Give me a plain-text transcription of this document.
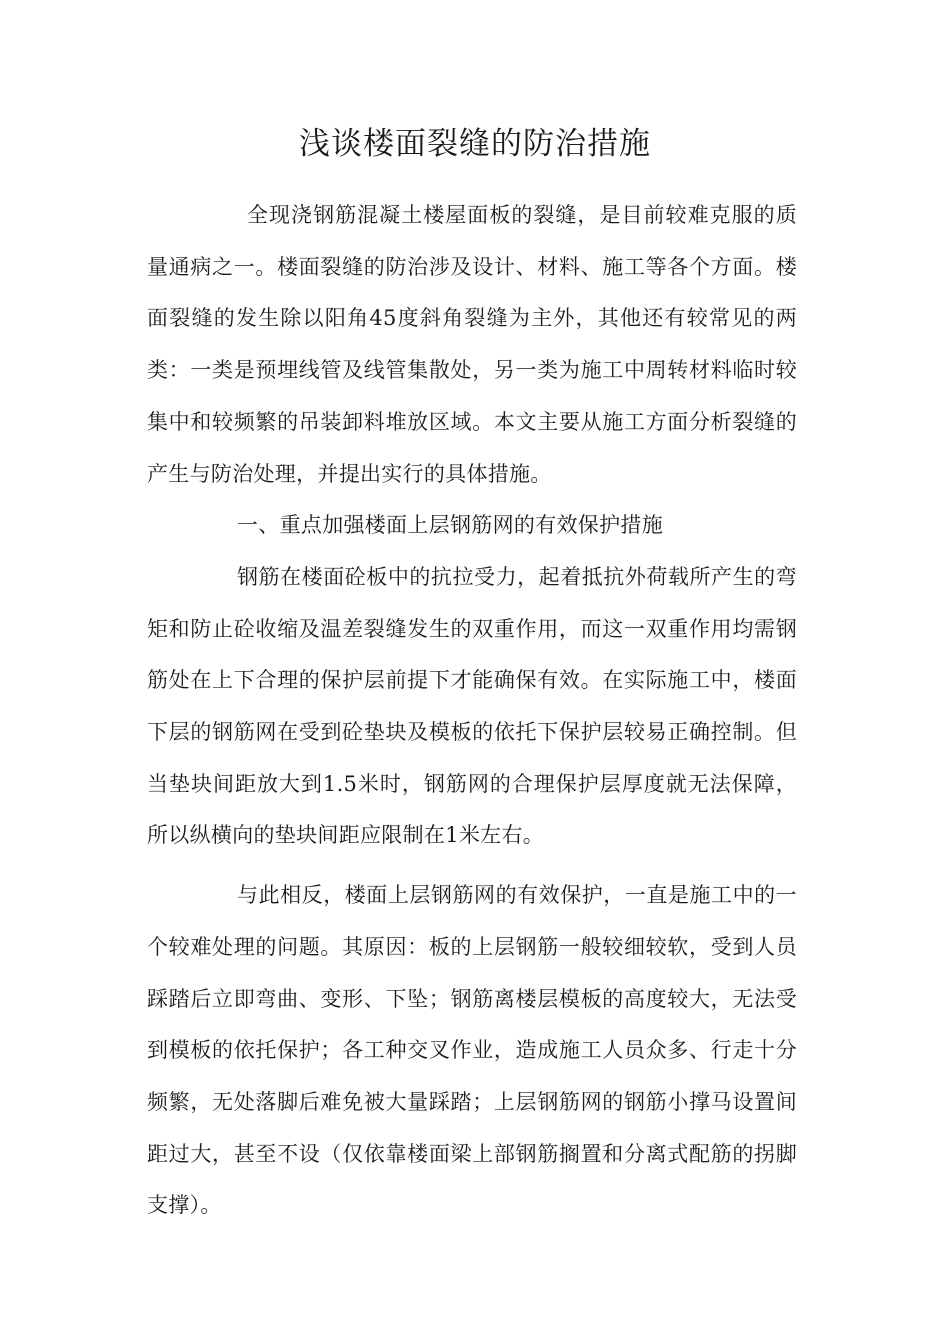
浅谈楼面裂缝的防治措施

全现浇钢筋混凝土楼屋面板的裂缝，是目前较难克服的质量通病之一。楼面裂缝的防治涉及设计、材料、施工等各个方面。楼面裂缝的发生除以阳角45度斜角裂缝为主外，其他还有较常见的两类：一类是预埋线管及线管集散处，另一类为施工中周转材料临时较集中和较频繁的吊装卸料堆放区域。本文主要从施工方面分析裂缝的产生与防治处理，并提出实行的具体措施。

一、重点加强楼面上层钢筋网的有效保护措施

钢筋在楼面砼板中的抗拉受力，起着抵抗外荷载所产生的弯矩和防止砼收缩及温差裂缝发生的双重作用，而这一双重作用均需钢筋处在上下合理的保护层前提下才能确保有效。在实际施工中，楼面下层的钢筋网在受到砼垫块及模板的依托下保护层较易正确控制。但当垫块间距放大到1.5米时，钢筋网的合理保护层厚度就无法保障，所以纵横向的垫块间距应限制在1米左右。

与此相反，楼面上层钢筋网的有效保护，一直是施工中的一个较难处理的问题。其原因：板的上层钢筋一般较细较软，受到人员踩踏后立即弯曲、变形、下坠；钢筋离楼层模板的高度较大，无法受到模板的依托保护；各工种交叉作业，造成施工人员众多、行走十分频繁，无处落脚后难免被大量踩踏；上层钢筋网的钢筋小撑马设置间距过大，甚至不设（仅依靠楼面梁上部钢筋搁置和分离式配筋的拐脚支撑）。
